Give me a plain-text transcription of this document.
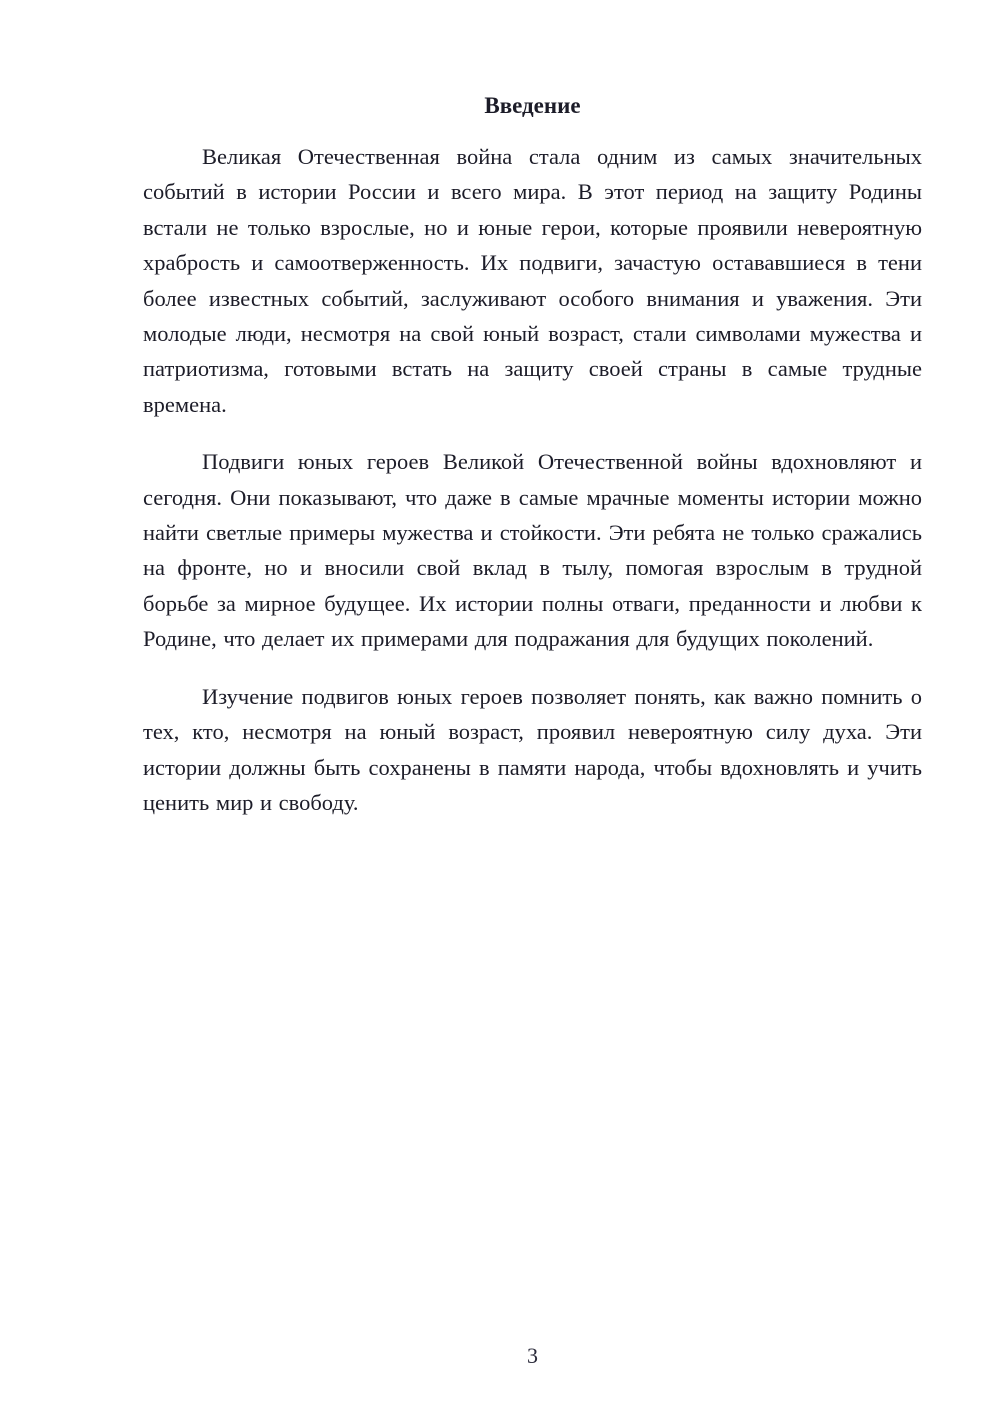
Введение

Великая Отечественная война стала одним из самых значительных событий в истории России и всего мира. В этот период на защиту Родины встали не только взрослые, но и юные герои, которые проявили невероятную храбрость и самоотверженность. Их подвиги, зачастую остававшиеся в тени более известных событий, заслуживают особого внимания и уважения. Эти молодые люди, несмотря на свой юный возраст, стали символами мужества и патриотизма, готовыми встать на защиту своей страны в самые трудные времена.

Подвиги юных героев Великой Отечественной войны вдохновляют и сегодня. Они показывают, что даже в самые мрачные моменты истории можно найти светлые примеры мужества и стойкости. Эти ребята не только сражались на фронте, но и вносили свой вклад в тылу, помогая взрослым в трудной борьбе за мирное будущее. Их истории полны отваги, преданности и любви к Родине, что делает их примерами для подражания для будущих поколений.

Изучение подвигов юных героев позволяет понять, как важно помнить о тех, кто, несмотря на юный возраст, проявил невероятную силу духа. Эти истории должны быть сохранены в памяти народа, чтобы вдохновлять и учить ценить мир и свободу.

3
